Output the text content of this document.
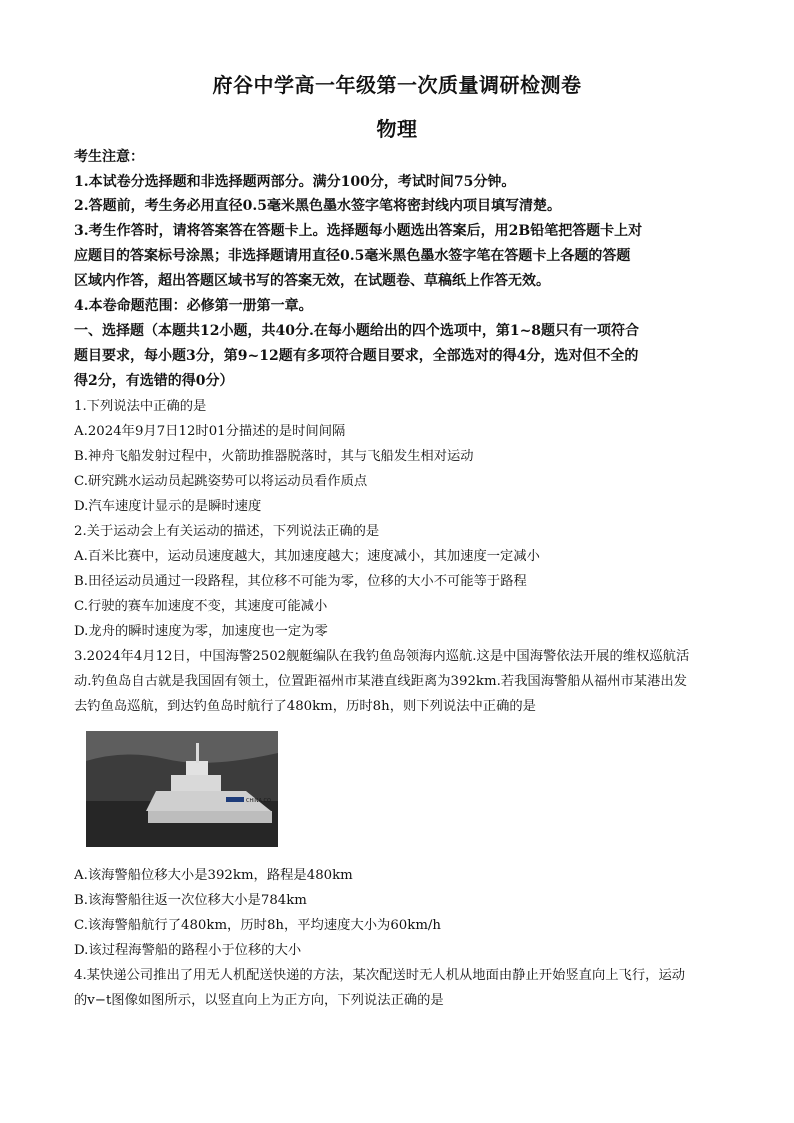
府谷中学高一年级第一次质量调研检测卷
物理
考生注意：
1.本试卷分选择题和非选择题两部分。满分100分，考试时间75分钟。
2.答题前，考生务必用直径0.5毫米黑色墨水签字笔将密封线内项目填写清楚。
3.考生作答时，请将答案答在答题卡上。选择题每小题选出答案后，用2B铅笔把答题卡上对
应题目的答案标号涂黑；非选择题请用直径0.5毫米黑色墨水签字笔在答题卡上各题的答题
区域内作答，超出答题区域书写的答案无效，在试题卷、草稿纸上作答无效。
4.本卷命题范围：必修第一册第一章。
一、选择题（本题共12小题，共40分.在每小题给出的四个选项中，第1~8题只有一项符合
题目要求，每小题3分，第9~12题有多项符合题目要求，全部选对的得4分，选对但不全的
得2分，有选错的得0分）
1.下列说法中正确的是
A.2024年9月7日12时01分描述的是时间间隔
B.神舟飞船发射过程中，火箭助推器脱落时，其与飞船发生相对运动
C.研究跳水运动员起跳姿势可以将运动员看作质点
D.汽车速度计显示的是瞬时速度
2.关于运动会上有关运动的描述，下列说法正确的是
A.百米比赛中，运动员速度越大，其加速度越大；速度减小，其加速度一定减小
B.田径运动员通过一段路程，其位移不可能为零，位移的大小不可能等于路程
C.行驶的赛车加速度不变，其速度可能减小
D.龙舟的瞬时速度为零，加速度也一定为零
3.2024年4月12日，中国海警2502舰艇编队在我钓鱼岛领海内巡航.这是中国海警依法开展的维权巡航活
动.钓鱼岛自古就是我国固有领土，位置距福州市某港直线距离为392km.若我国海警船从福州市某港出发
去钓鱼岛巡航，到达钓鱼岛时航行了480km，历时8h，则下列说法中正确的是
CHINA CO
A.该海警船位移大小是392km，路程是480km
B.该海警船往返一次位移大小是784km
C.该海警船航行了480km，历时8h，平均速度大小为60km/h
D.该过程海警船的路程小于位移的大小
4.某快递公司推出了用无人机配送快递的方法，某次配送时无人机从地面由静止开始竖直向上飞行，运动
的v−t图像如图所示，以竖直向上为正方向，下列说法正确的是
